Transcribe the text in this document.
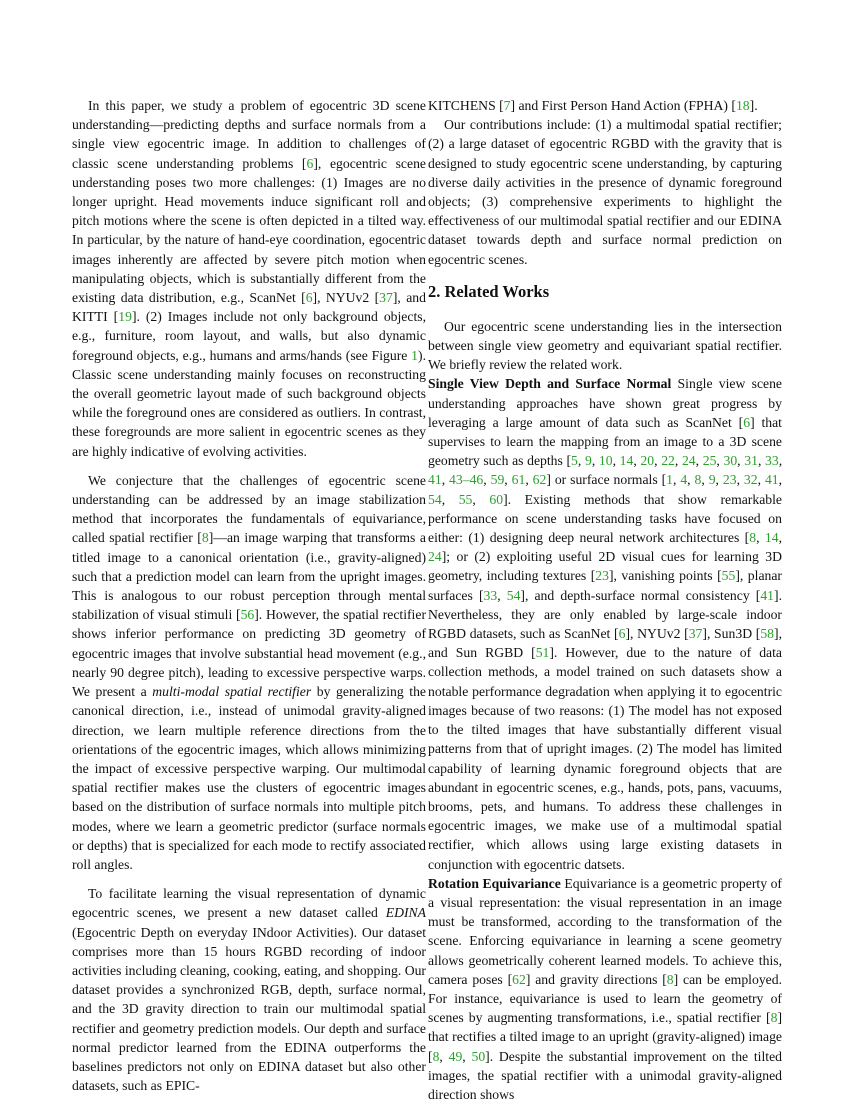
In this paper, we study a problem of egocentric 3D scene understanding—predicting depths and surface normals from a single view egocentric image. In addition to challenges of classic scene understanding problems [6], egocentric scene understanding poses two more challenges: (1) Images are no longer upright. Head movements induce significant roll and pitch motions where the scene is often depicted in a tilted way. In particular, by the nature of hand-eye coordination, egocentric images inherently are affected by severe pitch motion when manipulating objects, which is substantially different from the existing data distribution, e.g., ScanNet [6], NYUv2 [37], and KITTI [19]. (2) Images include not only background objects, e.g., furniture, room layout, and walls, but also dynamic foreground objects, e.g., humans and arms/hands (see Figure 1). Classic scene understanding mainly focuses on reconstructing the overall geometric layout made of such background objects while the foreground ones are considered as outliers. In contrast, these foregrounds are more salient in egocentric scenes as they are highly indicative of evolving activities.

We conjecture that the challenges of egocentric scene understanding can be addressed by an image stabilization method that incorporates the fundamentals of equivariance, called spatial rectifier [8]—an image warping that transforms a titled image to a canonical orientation (i.e., gravity-aligned) such that a prediction model can learn from the upright images. This is analogous to our robust perception through mental stabilization of visual stimuli [56]. However, the spatial rectifier shows inferior performance on predicting 3D geometry of egocentric images that involve substantial head movement (e.g., nearly 90 degree pitch), leading to excessive perspective warps. We present a multi-modal spatial rectifier by generalizing the canonical direction, i.e., instead of unimodal gravity-aligned direction, we learn multiple reference directions from the orientations of the egocentric images, which allows minimizing the impact of excessive perspective warping. Our multimodal spatial rectifier makes use the clusters of egocentric images based on the distribution of surface normals into multiple pitch modes, where we learn a geometric predictor (surface normals or depths) that is specialized for each mode to rectify associated roll angles.

To facilitate learning the visual representation of dynamic egocentric scenes, we present a new dataset called EDINA (Egocentric Depth on everyday INdoor Activities). Our dataset comprises more than 15 hours RGBD recording of indoor activities including cleaning, cooking, eating, and shopping. Our dataset provides a synchronized RGB, depth, surface normal, and the 3D gravity direction to train our multimodal spatial rectifier and geometry prediction models. Our depth and surface normal predictor learned from the EDINA outperforms the baselines predictors not only on EDINA dataset but also other datasets, such as EPIC-

KITCHENS [7] and First Person Hand Action (FPHA) [18].

Our contributions include: (1) a multimodal spatial rectifier; (2) a large dataset of egocentric RGBD with the gravity that is designed to study egocentric scene understanding, by capturing diverse daily activities in the presence of dynamic foreground objects; (3) comprehensive experiments to highlight the effectiveness of our multimodal spatial rectifier and our EDINA dataset towards depth and surface normal prediction on egocentric scenes.

2. Related Works

Our egocentric scene understanding lies in the intersection between single view geometry and equivariant spatial rectifier. We briefly review the related work.

Single View Depth and Surface Normal Single view scene understanding approaches have shown great progress by leveraging a large amount of data such as ScanNet [6] that supervises to learn the mapping from an image to a 3D scene geometry such as depths [5, 9, 10, 14, 20, 22, 24, 25, 30, 31, 33, 41, 43–46, 59, 61, 62] or surface normals [1, 4, 8, 9, 23, 32, 41, 54, 55, 60]. Existing methods that show remarkable performance on scene understanding tasks have focused on either: (1) designing deep neural network architectures [8, 14, 24]; or (2) exploiting useful 2D visual cues for learning 3D geometry, including textures [23], vanishing points [55], planar surfaces [33, 54], and depth-surface normal consistency [41]. Nevertheless, they are only enabled by large-scale indoor RGBD datasets, such as ScanNet [6], NYUv2 [37], Sun3D [58], and Sun RGBD [51]. However, due to the nature of data collection methods, a model trained on such datasets show a notable performance degradation when applying it to egocentric images because of two reasons: (1) The model has not exposed to the tilted images that have substantially different visual patterns from that of upright images. (2) The model has limited capability of learning dynamic foreground objects that are abundant in egocentric scenes, e.g., hands, pots, pans, vacuums, brooms, pets, and humans. To address these challenges in egocentric images, we make use of a multimodal spatial rectifier, which allows using large existing datasets in conjunction with egocentric datsets.

Rotation Equivariance Equivariance is a geometric property of a visual representation: the visual representation in an image must be transformed, according to the transformation of the scene. Enforcing equivariance in learning a scene geometry allows geometrically coherent learned models. To achieve this, camera poses [62] and gravity directions [8] can be employed. For instance, equivariance is used to learn the geometry of scenes by augmenting transformations, i.e., spatial rectifier [8] that rectifies a tilted image to an upright (gravity-aligned) image [8, 49, 50]. Despite the substantial improvement on the tilted images, the spatial rectifier with a unimodal gravity-aligned direction shows
